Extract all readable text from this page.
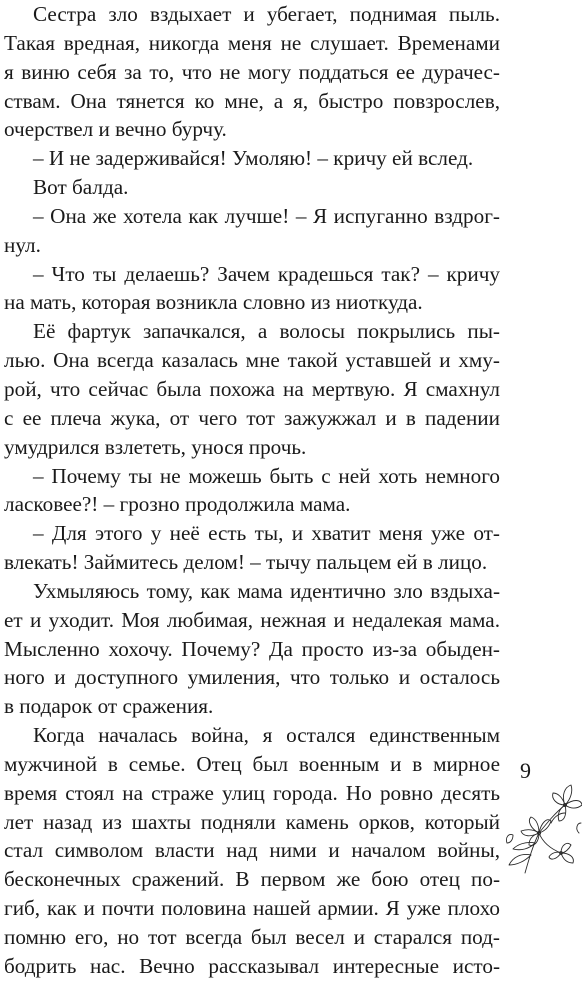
Сестра зло вздыхает и убегает, поднимая пыль.
Такая вредная, никогда меня не слушает. Временами
я виню себя за то, что не могу поддаться ее дурачес-
ствам. Она тянется ко мне, а я, быстро повзрослев,
очерствел и вечно бурчу.
– И не задерживайся! Умоляю! – кричу ей вслед.
Вот балда.
– Она же хотела как лучше! – Я испуганно вздрог-
нул.
– Что ты делаешь? Зачем крадешься так? – кричу
на мать, которая возникла словно из ниоткуда.
Её фартук запачкался, а волосы покрылись пы-
лью. Она всегда казалась мне такой уставшей и хму-
рой, что сейчас была похожа на мертвую. Я смахнул
с ее плеча жука, от чего тот зажужжал и в падении
умудрился взлететь, унося прочь.
– Почему ты не можешь быть с ней хоть немного
ласковее?! – грозно продолжила мама.
– Для этого у неё есть ты, и хватит меня уже от-
влекать! Займитесь делом! – тычу пальцем ей в лицо.
Ухмыляюсь тому, как мама идентично зло вздыха-
ет и уходит. Моя любимая, нежная и недалекая мама.
Мысленно хохочу. Почему? Да просто из-за обыден-
ного и доступного умиления, что только и осталось
в подарок от сражения.
Когда началась война, я остался единственным
мужчиной в семье. Отец был военным и в мирное
время стоял на страже улиц города. Но ровно десять
лет назад из шахты подняли камень орков, который
стал символом власти над ними и началом войны,
бесконечных сражений. В первом же бою отец по-
гиб, как и почти половина нашей армии. Я уже плохо
помню его, но тот всегда был весел и старался под-
бодрить нас. Вечно рассказывал интересные исто-
9
